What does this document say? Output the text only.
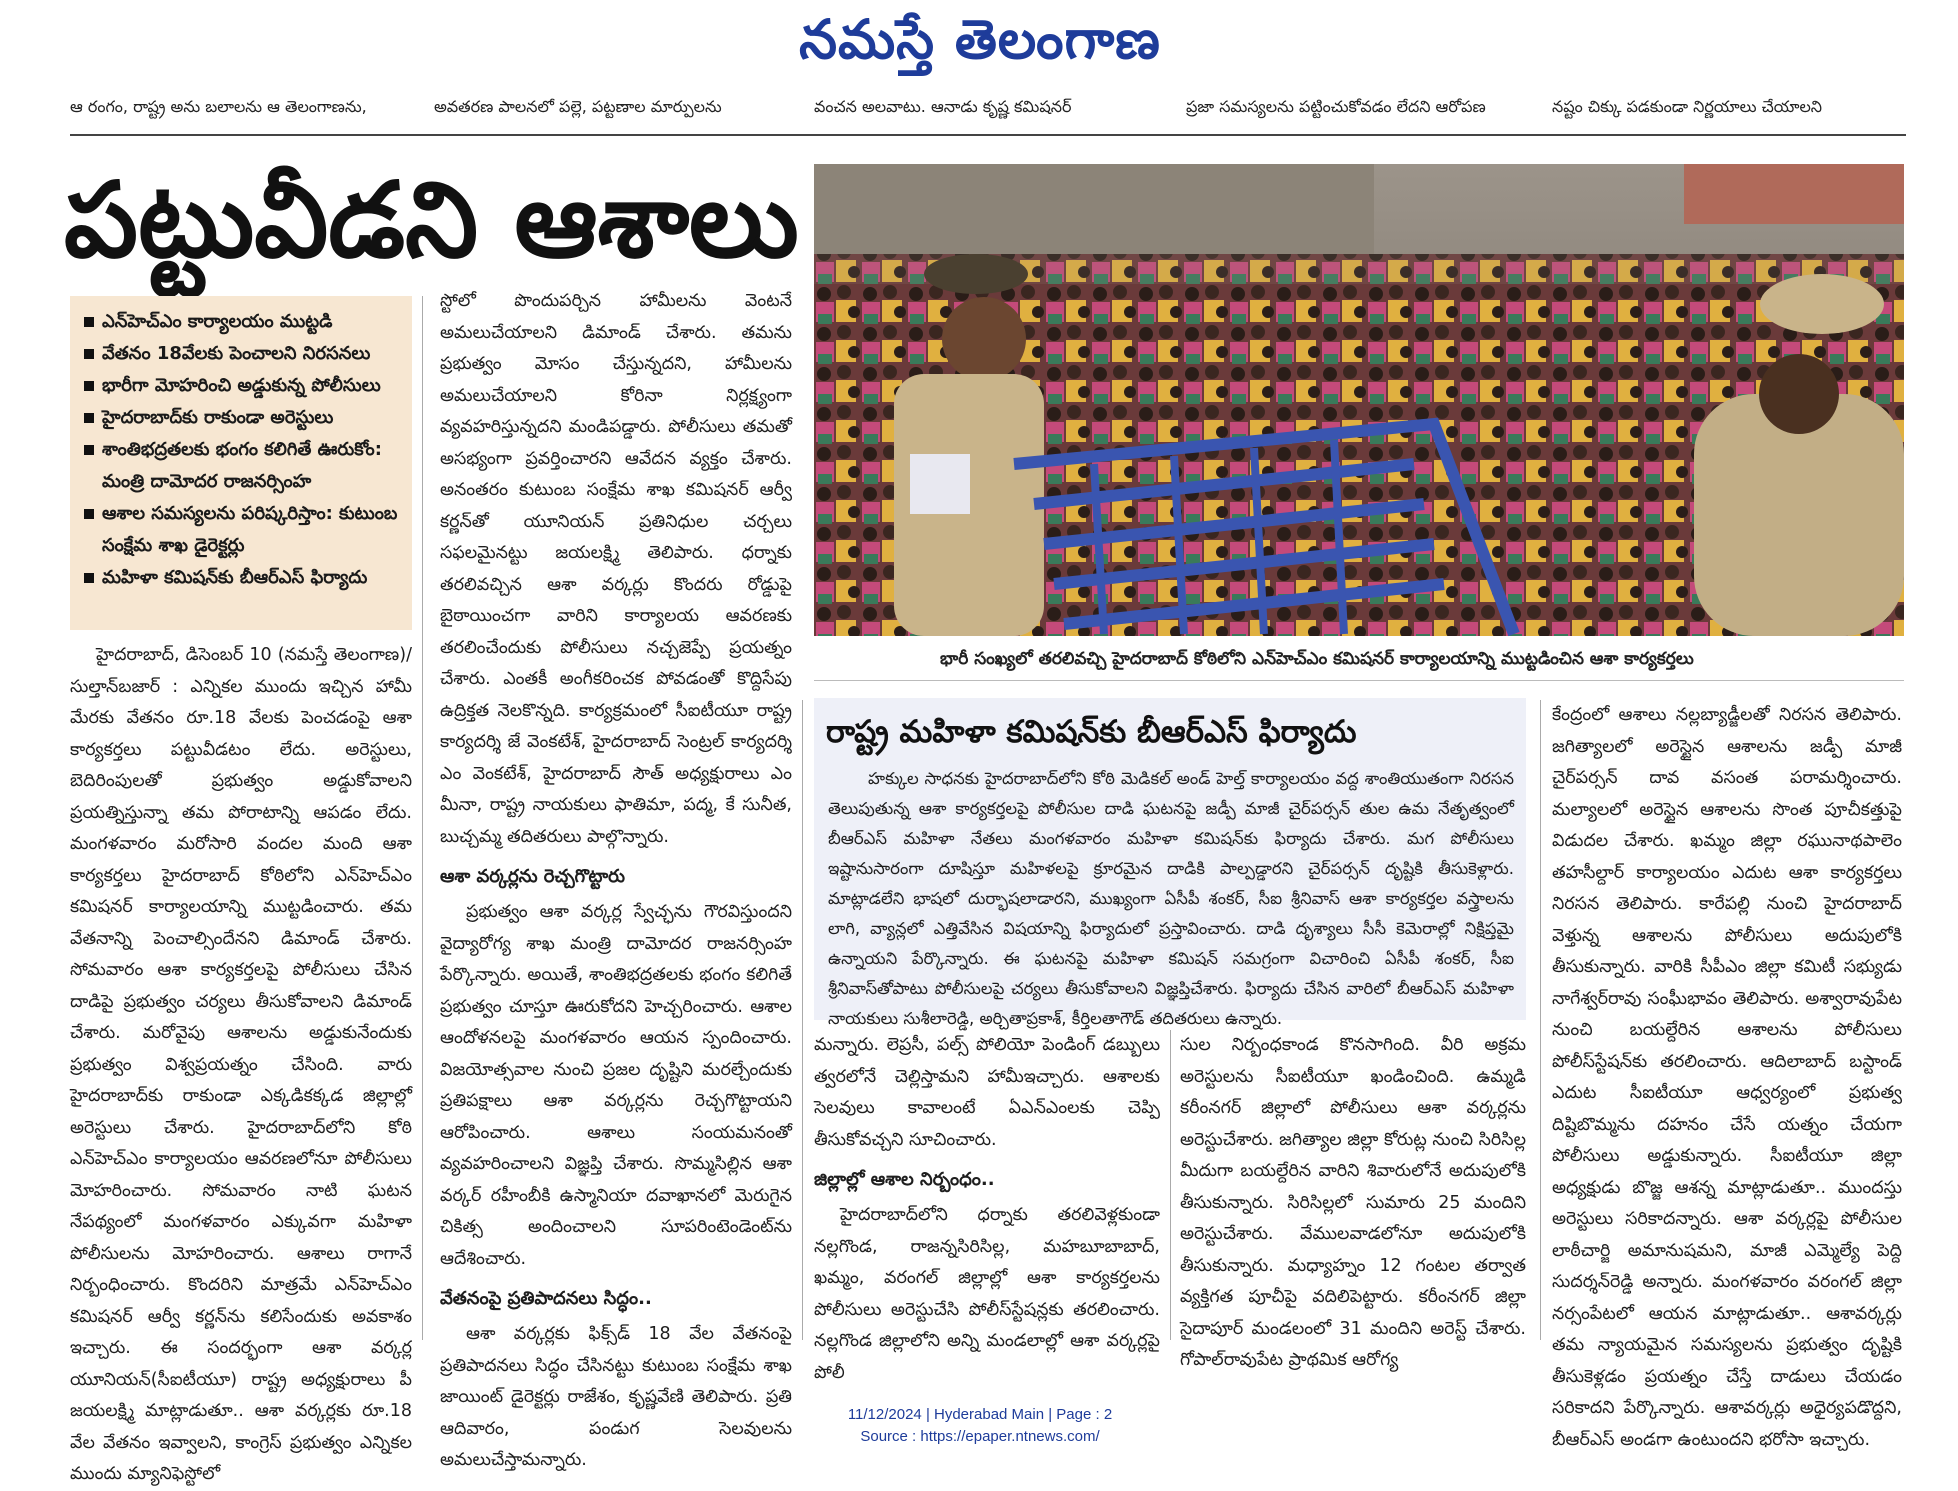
నమస్తే తెలంగాణ
ఆ రంగం, రాష్ట్ర అను బలాలను ఆ తెలంగాణను,	అవతరణ పాలనలో పల్లె, పట్టణాల మార్పులను	వంచన అలవాటు. ఆనాడు కృష్ణ కమిషనర్	ప్రజా సమస్యలను పట్టించుకోవడం లేదని ఆరోపణ	నష్టం చిక్కు పడకుండా నిర్ణయాలు చేయాలని
పట్టువీడని ఆశాలు
ఎన్‌హెచ్‌ఎం కార్యాలయం ముట్టడి
వేతనం 18వేలకు పెంచాలని నిరసనలు
భారీగా మోహరించి అడ్డుకున్న పోలీసులు
హైదరాబాద్‌కు రాకుండా అరెస్టులు
శాంతిభద్రతలకు భంగం కలిగితే ఊరుకోం: మంత్రి దామోదర రాజనర్సింహ
ఆశాల సమస్యలను పరిష్కరిస్తాం: కుటుంబ సంక్షేమ శాఖ డైరెక్టర్లు
మహిళా కమిషన్‌కు బీఆర్‌ఎస్ ఫిర్యాదు

హైదరాబాద్, డిసెంబర్ 10 (నమస్తే తెలంగాణ)/సుల్తాన్‌బజార్ : ఎన్నికల ముందు ఇచ్చిన హామీ మేరకు వేతనం రూ.18 వేలకు పెంచడంపై ఆశా కార్యకర్తలు పట్టువీడటం లేదు. అరెస్టులు, బెదిరింపులతో ప్రభుత్వం అడ్డుకోవాలని ప్రయత్నిస్తున్నా తమ పోరాటాన్ని ఆపడం లేదు. మంగళవారం మరోసారి వందల మంది ఆశా కార్యకర్తలు హైదరాబాద్ కోఠిలోని ఎన్‌హెచ్‌ఎం కమిషనర్ కార్యాలయాన్ని ముట్టడించారు. తమ వేతనాన్ని పెంచాల్సిందేనని డిమాండ్ చేశారు. సోమవారం ఆశా కార్యకర్తలపై పోలీసులు చేసిన దాడిపై ప్రభుత్వం చర్యలు తీసుకోవాలని డిమాండ్ చేశారు. మరోవైపు ఆశాలను అడ్డుకునేందుకు ప్రభుత్వం విశ్వప్రయత్నం చేసింది. వారు హైదరాబాద్‌కు రాకుండా ఎక్కడికక్కడ జిల్లాల్లో అరెస్టులు చేశారు. హైదరాబాద్‌లోని కోఠి ఎన్‌హెచ్‌ఎం కార్యాలయం ఆవరణలోనూ పోలీసులు మోహరించారు. సోమవారం నాటి ఘటన నేపథ్యంలో మంగళవారం ఎక్కువగా మహిళా పోలీసులను మోహరించారు. ఆశాలు రాగానే నిర్బంధించారు. కొందరిని మాత్రమే ఎన్‌హెచ్‌ఎం కమిషనర్ ఆర్వీ కర్ణన్‌ను కలిసేందుకు అవకాశం ఇచ్చారు. ఈ సందర్భంగా ఆశా వర్కర్ల యూనియన్(సీఐటీయూ) రాష్ట్ర అధ్యక్షురాలు పీ జయలక్ష్మి మాట్లాడుతూ.. ఆశా వర్కర్లకు రూ.18 వేల వేతనం ఇవ్వాలని, కాంగ్రెస్ ప్రభుత్వం ఎన్నికల ముందు మ్యానిఫెస్టోలో

స్టోలో పొందుపర్చిన హామీలను వెంటనే అమలుచేయాలని డిమాండ్ చేశారు. తమను ప్రభుత్వం మోసం చేస్తున్నదని, హామీలను అమలుచేయాలని కోరినా నిర్లక్ష్యంగా వ్యవహరిస్తున్నదని మండిపడ్డారు. పోలీసులు తమతో అసభ్యంగా ప్రవర్తించారని ఆవేదన వ్యక్తం చేశారు. అనంతరం కుటుంబ సంక్షేమ శాఖ కమిషనర్ ఆర్వీ కర్ణన్‌తో యూనియన్ ప్రతినిధుల చర్చలు సఫలమైనట్టు జయలక్ష్మి తెలిపారు. ధర్నాకు తరలివచ్చిన ఆశా వర్కర్లు కొందరు రోడ్డుపై బైఠాయించగా వారిని కార్యాలయ ఆవరణకు తరలించేందుకు పోలీసులు నచ్చజెప్పే ప్రయత్నం చేశారు. ఎంతకీ అంగీకరించక పోవడంతో కొద్దిసేపు ఉద్రిక్తత నెలకొన్నది. కార్యక్రమంలో సీఐటీయూ రాష్ట్ర కార్యదర్శి జే వెంకటేశ్, హైదరాబాద్ సెంట్రల్ కార్యదర్శి ఎం వెంకటేశ్, హైదరాబాద్ సౌత్ అధ్యక్షురాలు ఎం మీనా, రాష్ట్ర నాయకులు ఫాతిమా, పద్మ, కే సునీత, బుచ్చమ్మ తదితరులు పాల్గొన్నారు.

ఆశా వర్కర్లను రెచ్చగొట్టారు

ప్రభుత్వం ఆశా వర్కర్ల స్వేచ్ఛను గౌరవిస్తుందని వైద్యారోగ్య శాఖ మంత్రి దామోదర రాజనర్సింహ పేర్కొన్నారు. అయితే, శాంతిభద్రతలకు భంగం కలిగితే ప్రభుత్వం చూస్తూ ఊరుకోదని హెచ్చరించారు. ఆశాల ఆందోళనలపై మంగళవారం ఆయన స్పందించారు. విజయోత్సవాల నుంచి ప్రజల దృష్టిని మరల్చేందుకు ప్రతిపక్షాలు ఆశా వర్కర్లను రెచ్చగొట్టాయని ఆరోపించారు. ఆశాలు సంయమనంతో వ్యవహరించాలని విజ్ఞప్తి చేశారు. సొమ్మసిల్లిన ఆశా వర్కర్ రహీంబీకి ఉస్మానియా దవాఖానలో మెరుగైన చికిత్స అందించాలని సూపరింటెండెంట్‌ను ఆదేశించారు.

వేతనంపై ప్రతిపాదనలు సిద్ధం..

ఆశా వర్కర్లకు ఫిక్స్‌డ్ 18 వేల వేతనంపై ప్రతిపాదనలు సిద్ధం చేసినట్టు కుటుంబ సంక్షేమ శాఖ జాయింట్ డైరెక్టర్లు రాజేశం, కృష్ణవేణి తెలిపారు. ప్రతి ఆదివారం, పండుగ సెలవులను అమలుచేస్తామన్నారు.

భారీ సంఖ్యలో తరలివచ్చి హైదరాబాద్ కోఠిలోని ఎన్‌హెచ్‌ఎం కమిషనర్ కార్యాలయాన్ని ముట్టడించిన ఆశా కార్యకర్తలు
రాష్ట్ర మహిళా కమిషన్‌కు బీఆర్‌ఎస్ ఫిర్యాదు

హక్కుల సాధనకు హైదరాబాద్‌లోని కోఠి మెడికల్ అండ్ హెల్త్ కార్యాలయం వద్ద శాంతియుతంగా నిరసన తెలుపుతున్న ఆశా కార్యకర్తలపై పోలీసుల దాడి ఘటనపై జడ్పీ మాజీ చైర్‌పర్సన్ తుల ఉమ నేతృత్వంలో బీఆర్‌ఎస్ మహిళా నేతలు మంగళవారం మహిళా కమిషన్‌కు ఫిర్యాదు చేశారు. మగ పోలీసులు ఇష్టానుసారంగా దూషిస్తూ మహిళలపై క్రూరమైన దాడికి పాల్పడ్డారని చైర్‌పర్సన్ దృష్టికి తీసుకెళ్లారు. మాట్లాడలేని భాషలో దుర్భాషలాడారని, ముఖ్యంగా ఏసీపీ శంకర్, సీఐ శ్రీనివాస్ ఆశా కార్యకర్తల వస్త్రాలను లాగి, వ్యాన్లలో ఎత్తివేసిన విషయాన్ని ఫిర్యాదులో ప్రస్తావించారు. దాడి దృశ్యాలు సీసీ కెమెరాల్లో నిక్షిప్తమై ఉన్నాయని పేర్కొన్నారు. ఈ ఘటనపై మహిళా కమిషన్ సమగ్రంగా విచారించి ఏసీపీ శంకర్, సీఐ శ్రీనివాస్‌తోపాటు పోలీసులపై చర్యలు తీసుకోవాలని విజ్ఞప్తిచేశారు. ఫిర్యాదు చేసిన వారిలో బీఆర్‌ఎస్ మహిళా నాయకులు సుశీలారెడ్డి, అర్చితాప్రకాశ్, కీర్తిలతాగౌడ్ తదితరులు ఉన్నారు.

మన్నారు. లెప్రసీ, పల్స్ పోలియో పెండింగ్ డబ్బులు త్వరలోనే చెల్లిస్తామని హామీఇచ్చారు. ఆశాలకు సెలవులు కావాలంటే ఏఎన్‌ఎంలకు చెప్పి తీసుకోవచ్చని సూచించారు.

జిల్లాల్లో ఆశాల నిర్బంధం..

హైదరాబాద్‌లోని ధర్నాకు తరలివెళ్లకుండా నల్లగొండ, రాజన్నసిరిసిల్ల, మహబూబాబాద్, ఖమ్మం, వరంగల్ జిల్లాల్లో ఆశా కార్యకర్తలను పోలీసులు అరెస్టుచేసి పోలీస్‌స్టేషన్లకు తరలించారు. నల్లగొండ జిల్లాలోని అన్ని మండలాల్లో ఆశా వర్కర్లపై పోలీ

సుల నిర్బంధకాండ కొనసాగింది. వీరి అక్రమ అరెస్టులను సీఐటీయూ ఖండించింది. ఉమ్మడి కరీంనగర్ జిల్లాలో పోలీసులు ఆశా వర్కర్లను అరెస్టుచేశారు. జగిత్యాల జిల్లా కోరుట్ల నుంచి సిరిసిల్ల మీదుగా బయల్దేరిన వారిని శివారులోనే అదుపులోకి తీసుకున్నారు. సిరిసిల్లలో సుమారు 25 మందిని అరెస్టుచేశారు. వేములవాడలోనూ అదుపులోకి తీసుకున్నారు. మధ్యాహ్నం 12 గంటల తర్వాత వ్యక్తిగత పూచీపై వదిలిపెట్టారు. కరీంనగర్ జిల్లా సైదాపూర్ మండలంలో 31 మందిని అరెస్ట్ చేశారు. గోపాల్‌రావుపేట ప్రాథమిక ఆరోగ్య

కేంద్రంలో ఆశాలు నల్లబ్యాడ్జీలతో నిరసన తెలిపారు. జగిత్యాలలో అరెస్టైన ఆశాలను జడ్పీ మాజీ చైర్‌పర్సన్ దావ వసంత పరామర్శించారు. మల్యాలలో అరెస్టైన ఆశాలను సొంత పూచీకత్తుపై విడుదల చేశారు. ఖమ్మం జిల్లా రఘునాథపాలెం తహసీల్దార్ కార్యాలయం ఎదుట ఆశా కార్యకర్తలు నిరసన తెలిపారు. కారేపల్లి నుంచి హైదరాబాద్ వెళ్తున్న ఆశాలను పోలీసులు అదుపులోకి తీసుకున్నారు. వారికి సీపీఎం జిల్లా కమిటీ సభ్యుడు నాగేశ్వర్‌రావు సంఘీభావం తెలిపారు. అశ్వారావుపేట నుంచి బయల్దేరిన ఆశాలను పోలీసులు పోలీస్‌స్టేషన్‌కు తరలించారు. ఆదిలాబాద్ బస్టాండ్ ఎదుట సీఐటీయూ ఆధ్వర్యంలో ప్రభుత్వ దిష్టిబొమ్మను దహనం చేసే యత్నం చేయగా పోలీసులు అడ్డుకున్నారు. సీఐటీయూ జిల్లా అధ్యక్షుడు బొజ్జ ఆశన్న మాట్లాడుతూ.. ముందస్తు అరెస్టులు సరికాదన్నారు. ఆశా వర్కర్లపై పోలీసుల లాఠీచార్జి అమానుషమని, మాజీ ఎమ్మెల్యే పెద్ది సుదర్శన్‌రెడ్డి అన్నారు. మంగళవారం వరంగల్ జిల్లా నర్సంపేటలో ఆయన మాట్లాడుతూ.. ఆశావర్కర్లు తమ న్యాయమైన సమస్యలను ప్రభుత్వం దృష్టికి తీసుకెళ్లడం ప్రయత్నం చేస్తే దాడులు చేయడం సరికాదని పేర్కొన్నారు. ఆశావర్కర్లు అధైర్యపడొద్దని, బీఆర్‌ఎస్ అండగా ఉంటుందని భరోసా ఇచ్చారు.

11/12/2024 | Hyderabad Main | Page : 2
Source : https://epaper.ntnews.com/
